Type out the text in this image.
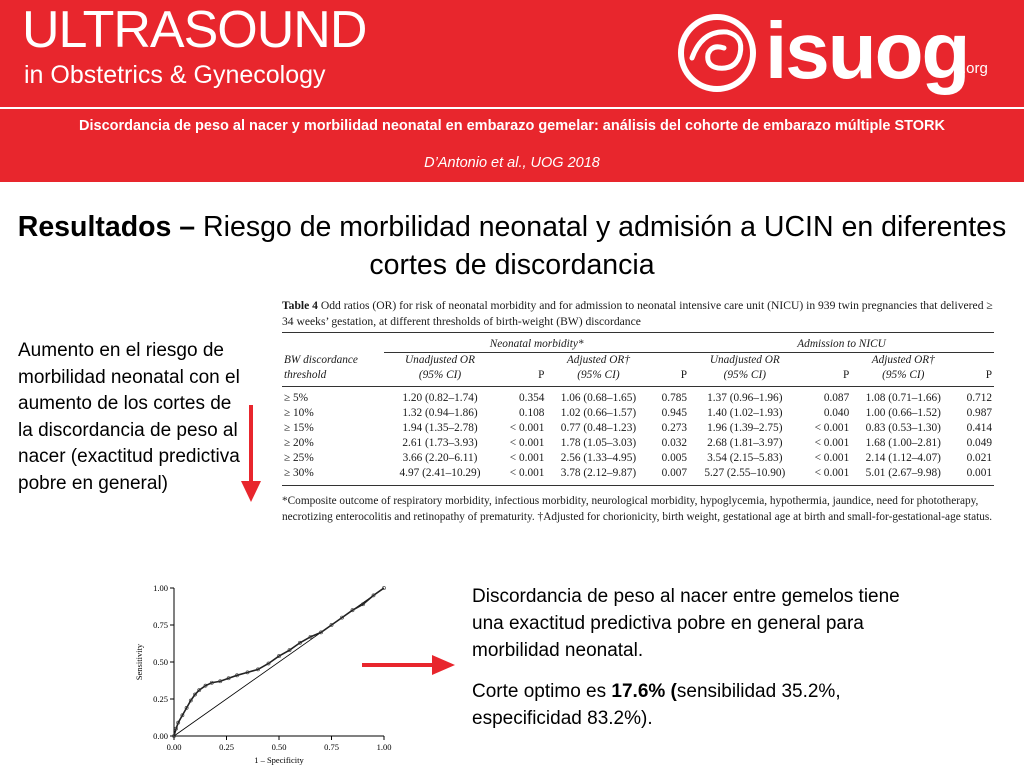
ULTRASOUND
in Obstetrics & Gynecology	isuog
.org
Discordancia de peso al nacer y morbilidad neonatal en embarazo gemelar: análisis del cohorte de embarazo múltiple STORK
D’Antonio et al., UOG 2018
Resultados – Riesgo de morbilidad neonatal y admisión a UCIN en diferentes cortes de discordancia
Aumento en el riesgo de morbilidad neonatal con el aumento de los cortes de la discordancia de peso al nacer (exactitud predictiva pobre en general)
Table 4 Odd ratios (OR) for risk of neonatal morbidity and for admission to neonatal intensive care unit (NICU) in 939 twin pregnancies that delivered ≥ 34 weeks’ gestation, at different thresholds of birth-weight (BW) discordance
	Neonatal morbidity*				Admission to NICU			
BW discordance	Unadjusted OR		Adjusted OR†		Unadjusted OR		Adjusted OR†	
threshold	(95% CI)	P	(95% CI)	P	(95% CI)	P	(95% CI)	P
≥ 5%	1.20 (0.82–1.74)	0.354	1.06 (0.68–1.65)	0.785	1.37 (0.96–1.96)	0.087	1.08 (0.71–1.66)	0.712
≥ 10%	1.32 (0.94–1.86)	0.108	1.02 (0.66–1.57)	0.945	1.40 (1.02–1.93)	0.040	1.00 (0.66–1.52)	0.987
≥ 15%	1.94 (1.35–2.78)	< 0.001	0.77 (0.48–1.23)	0.273	1.96 (1.39–2.75)	< 0.001	0.83 (0.53–1.30)	0.414
≥ 20%	2.61 (1.73–3.93)	< 0.001	1.78 (1.05–3.03)	0.032	2.68 (1.81–3.97)	< 0.001	1.68 (1.00–2.81)	0.049
≥ 25%	3.66 (2.20–6.11)	< 0.001	2.56 (1.33–4.95)	0.005	3.54 (2.15–5.83)	< 0.001	2.14 (1.12–4.07)	0.021
≥ 30%	4.97 (2.41–10.29)	< 0.001	3.78 (2.12–9.87)	0.007	5.27 (2.55–10.90)	< 0.001	5.01 (2.67–9.98)	0.001
*Composite outcome of respiratory morbidity, infectious morbidity, neurological morbidity, hypoglycemia, hypothermia, jaundice, need for phototherapy, necrotizing enterocolitis and retinopathy of prematurity. †Adjusted for chorionicity, birth weight, gestational age at birth and small-for-gestational-age status.
0.00	0.25	0.50	0.75	1.00
0.00
0.25
0.50
0.75
1.00
1 – Specificity
Sensitivity

Discordancia de peso al nacer entre gemelos tiene una exactitud predictiva pobre en general para morbilidad neonatal.

Corte optimo es 17.6% (sensibilidad 35.2%, especificidad 83.2%).
